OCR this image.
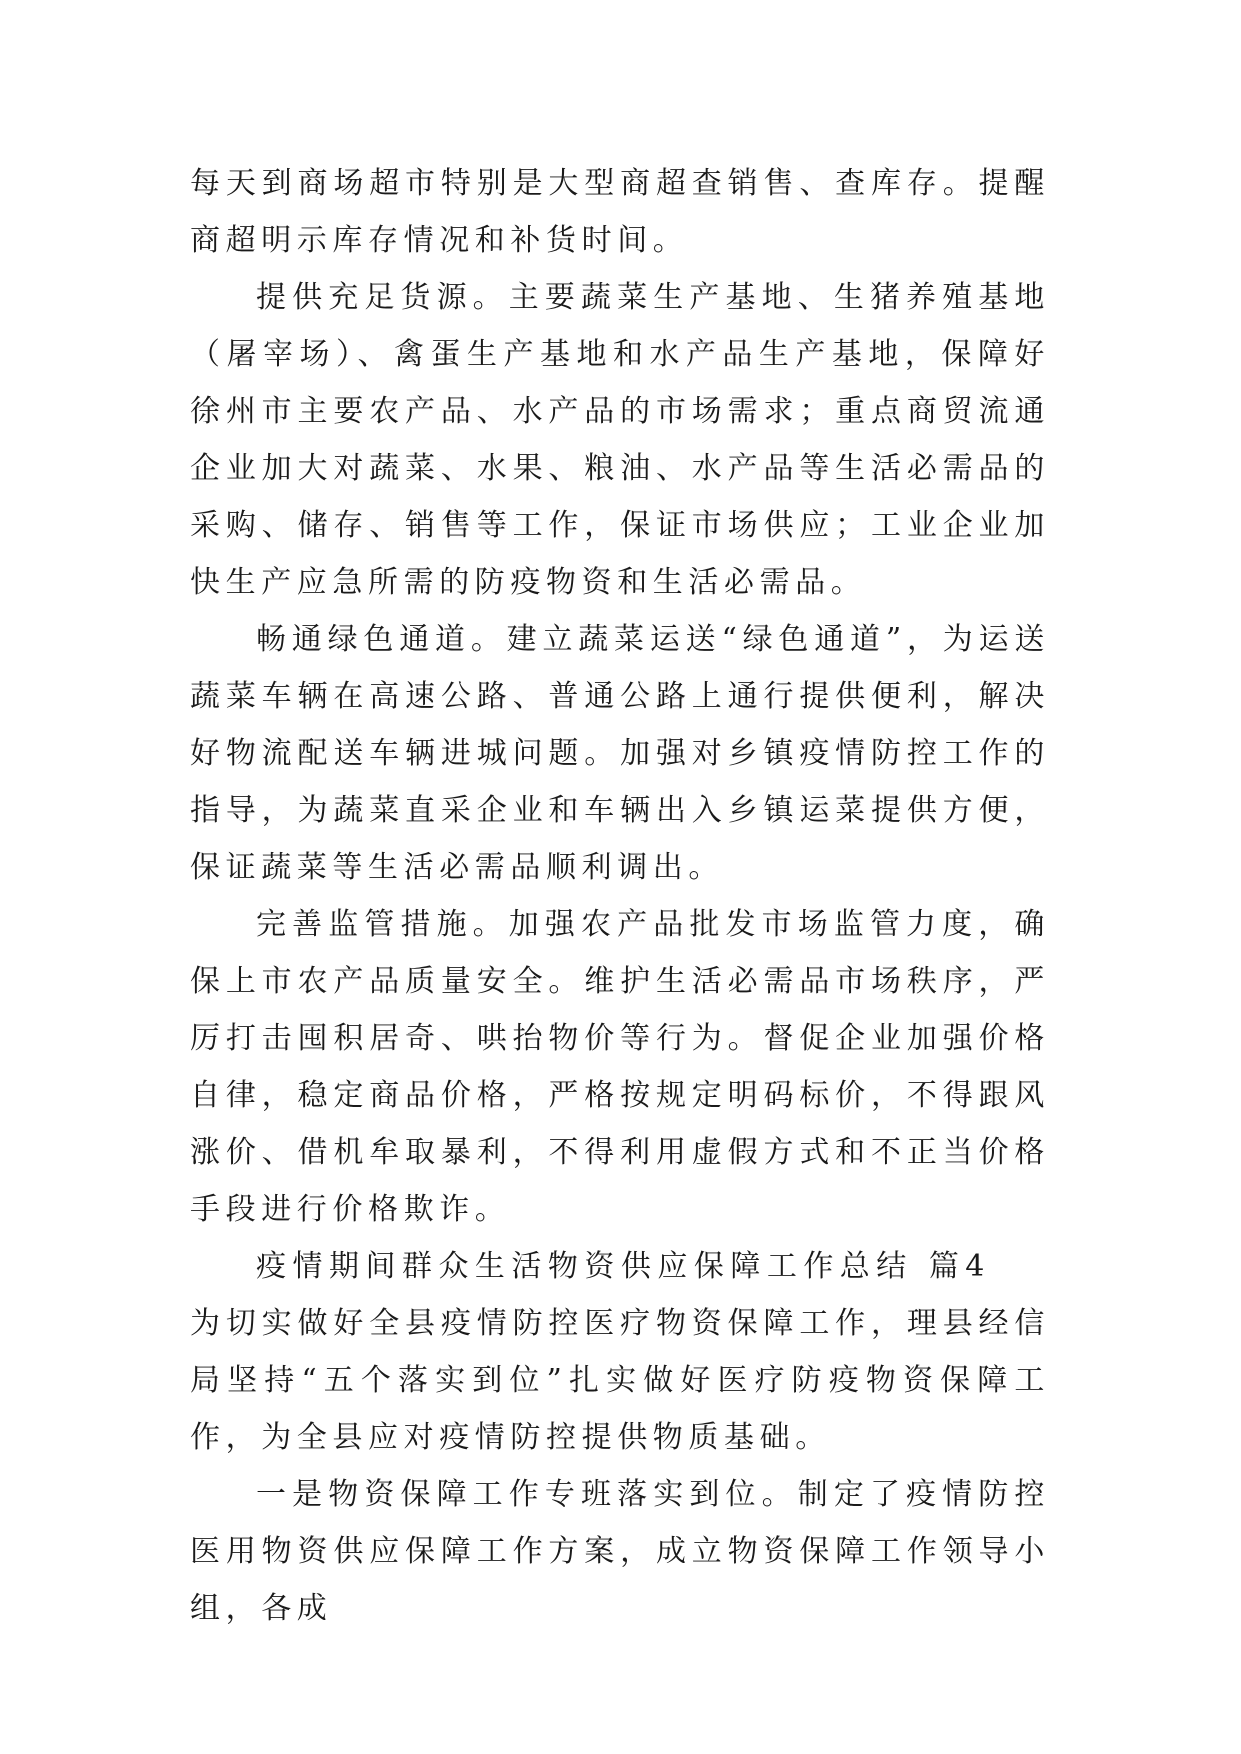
每天到商场超市特别是大型商超查销售、查库存。提醒商超明示库存情况和补货时间。

提供充足货源。主要蔬菜生产基地、生猪养殖基地（屠宰场）、禽蛋生产基地和水产品生产基地，保障好徐州市主要农产品、水产品的市场需求；重点商贸流通企业加大对蔬菜、水果、粮油、水产品等生活必需品的采购、储存、销售等工作，保证市场供应；工业企业加快生产应急所需的防疫物资和生活必需品。

畅通绿色通道。建立蔬菜运送“绿色通道”，为运送蔬菜车辆在高速公路、普通公路上通行提供便利，解决好物流配送车辆进城问题。加强对乡镇疫情防控工作的指导，为蔬菜直采企业和车辆出入乡镇运菜提供方便，保证蔬菜等生活必需品顺利调出。

完善监管措施。加强农产品批发市场监管力度，确保上市农产品质量安全。维护生活必需品市场秩序，严厉打击囤积居奇、哄抬物价等行为。督促企业加强价格自律，稳定商品价格，严格按规定明码标价，不得跟风涨价、借机牟取暴利，不得利用虚假方式和不正当价格手段进行价格欺诈。

疫情期间群众生活物资供应保障工作总结 篇4为切实做好全县疫情防控医疗物资保障工作，理县经信局坚持“五个落实到位”扎实做好医疗防疫物资保障工作，为全县应对疫情防控提供物质基础。

一是物资保障工作专班落实到位。制定了疫情防控医用物资供应保障工作方案，成立物资保障工作领导小组，各成
